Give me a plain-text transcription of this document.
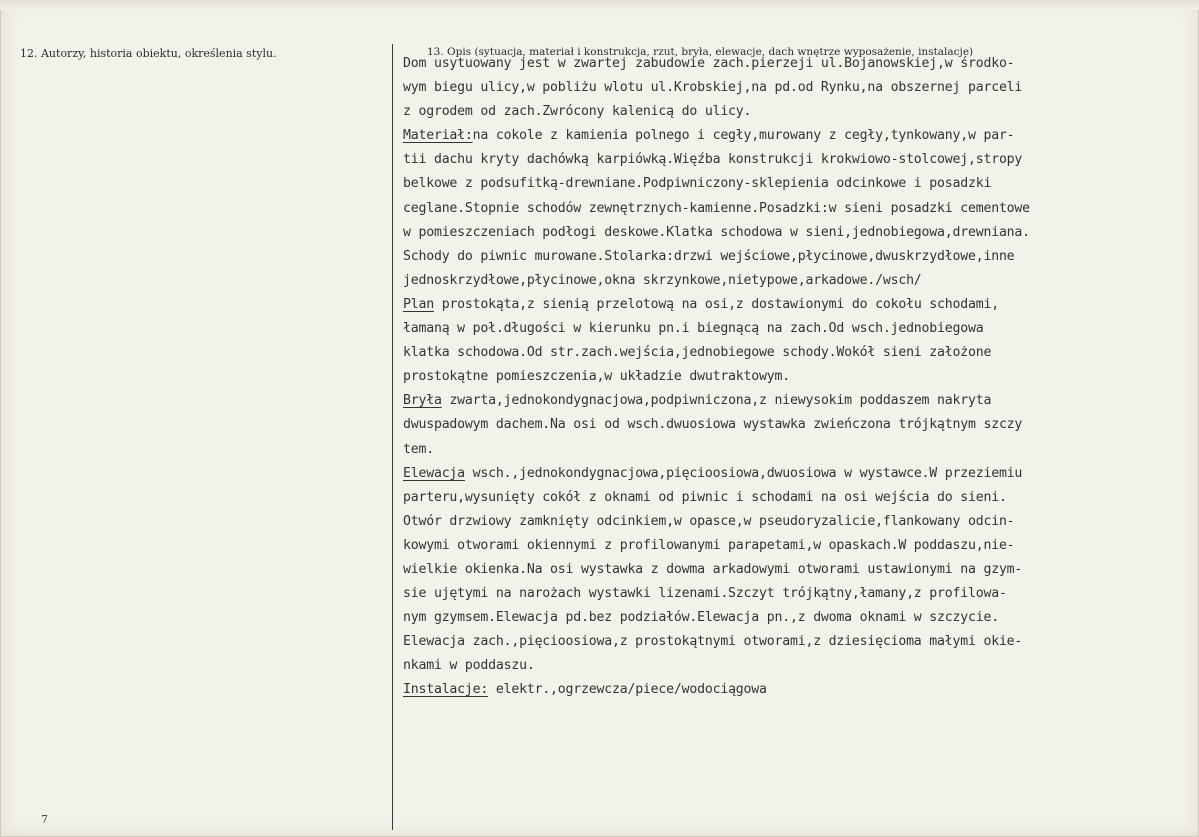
12. Autorzy, historia obiektu, określenia stylu.	13. Opis (sytuacja, materiał i konstrukcja, rzut, bryła, elewacje, dach wnętrze wyposażenie, instalacje)
Dom usytuowany jest w zwartej zabudowie zach.pierzeji ul.Bojanowskiej,w środko-
wym biegu ulicy,w pobliżu wlotu ul.Krobskiej,na pd.od Rynku,na obszernej parceli
z ogrodem od zach.Zwrócony kalenicą do ulicy.
Materiał:na cokole z kamienia polnego i cegły,murowany z cegły,tynkowany,w par-
tii dachu kryty dachówką karpiówką.Więźba konstrukcji krokwiowo-stolcowej,stropy
belkowe z podsufitką-drewniane.Podpiwniczony-sklepienia odcinkowe i posadzki
ceglane.Stopnie schodów zewnętrznych-kamienne.Posadzki:w sieni posadzki cementowe
w pomieszczeniach podłogi deskowe.Klatka schodowa w sieni,jednobiegowa,drewniana.
Schody do piwnic murowane.Stolarka:drzwi wejściowe,płycinowe,dwuskrzydłowe,inne
jednoskrzydłowe,płycinowe,okna skrzynkowe,nietypowe,arkadowe./wsch/
Plan prostokąta,z sienią przelotową na osi,z dostawionymi do cokołu schodami,
łamaną w poł.długości w kierunku pn.i biegnącą na zach.Od wsch.jednobiegowa
klatka schodowa.Od str.zach.wejścia,jednobiegowe schody.Wokół sieni założone
prostokątne pomieszczenia,w układzie dwutraktowym.
Bryła zwarta,jednokondygnacjowa,podpiwniczona,z niewysokim poddaszem nakryta
dwuspadowym dachem.Na osi od wsch.dwuosiowa wystawka zwieńczona trójkątnym szczy
tem.
Elewacja wsch.,jednokondygnacjowa,pięcioosiowa,dwuosiowa w wystawce.W przeziemiu
parteru,wysunięty cokół z oknami od piwnic i schodami na osi wejścia do sieni.
Otwór drzwiowy zamknięty odcinkiem,w opasce,w pseudoryzalicie,flankowany odcin-
kowymi otworami okiennymi z profilowanymi parapetami,w opaskach.W poddaszu,nie-
wielkie okienka.Na osi wystawka z dowma arkadowymi otworami ustawionymi na gzym-
sie ujętymi na narożach wystawki lizenami.Szczyt trójkątny,łamany,z profilowa-
nym gzymsem.Elewacja pd.bez podziałów.Elewacja pn.,z dwoma oknami w szczycie.
Elewacja zach.,pięcioosiowa,z prostokątnymi otworami,z dziesięcioma małymi okie-
nkami w poddaszu.
Instalacje: elektr.,ogrzewcza/piece/wodociągowa
7
